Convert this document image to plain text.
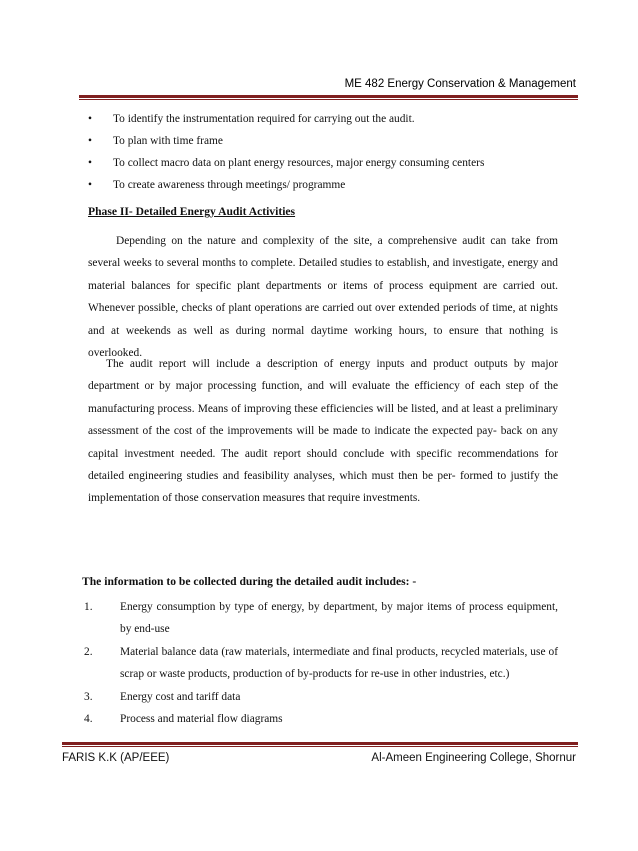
ME 482 Energy Conservation & Management
• To identify the instrumentation required for carrying out the audit.
• To plan with time frame
• To collect macro data on plant energy resources, major energy consuming centers
• To create awareness through meetings/ programme
Phase II- Detailed Energy Audit Activities

Depending on the nature and complexity of the site, a comprehensive audit can take from several weeks to several months to complete. Detailed studies to establish, and investigate, energy and material balances for specific plant departments or items of process equipment are carried out. Whenever possible, checks of plant operations are carried out over extended periods of time, at nights and at weekends as well as during normal daytime working hours, to ensure that nothing is overlooked.

The audit report will include a description of energy inputs and product outputs by major department or by major processing function, and will evaluate the efficiency of each step of the manufacturing process. Means of improving these efficiencies will be listed, and at least a preliminary assessment of the cost of the improvements will be made to indicate the expected pay- back on any capital investment needed. The audit report should conclude with specific recommendations for detailed engineering studies and feasibility analyses, which must then be per- formed to justify the implementation of those conservation measures that require investments.

The information to be collected during the detailed audit includes: -
1. Energy consumption by type of energy, by department, by major items of process equipment, by end-use
2. Material balance data (raw materials, intermediate and final products, recycled materials, use of scrap or waste products, production of by-products for re-use in other industries, etc.)
3. Energy cost and tariff data
4. Process and material flow diagrams
FARIS K.K (AP/EEE)	Al-Ameen Engineering College, Shornur
